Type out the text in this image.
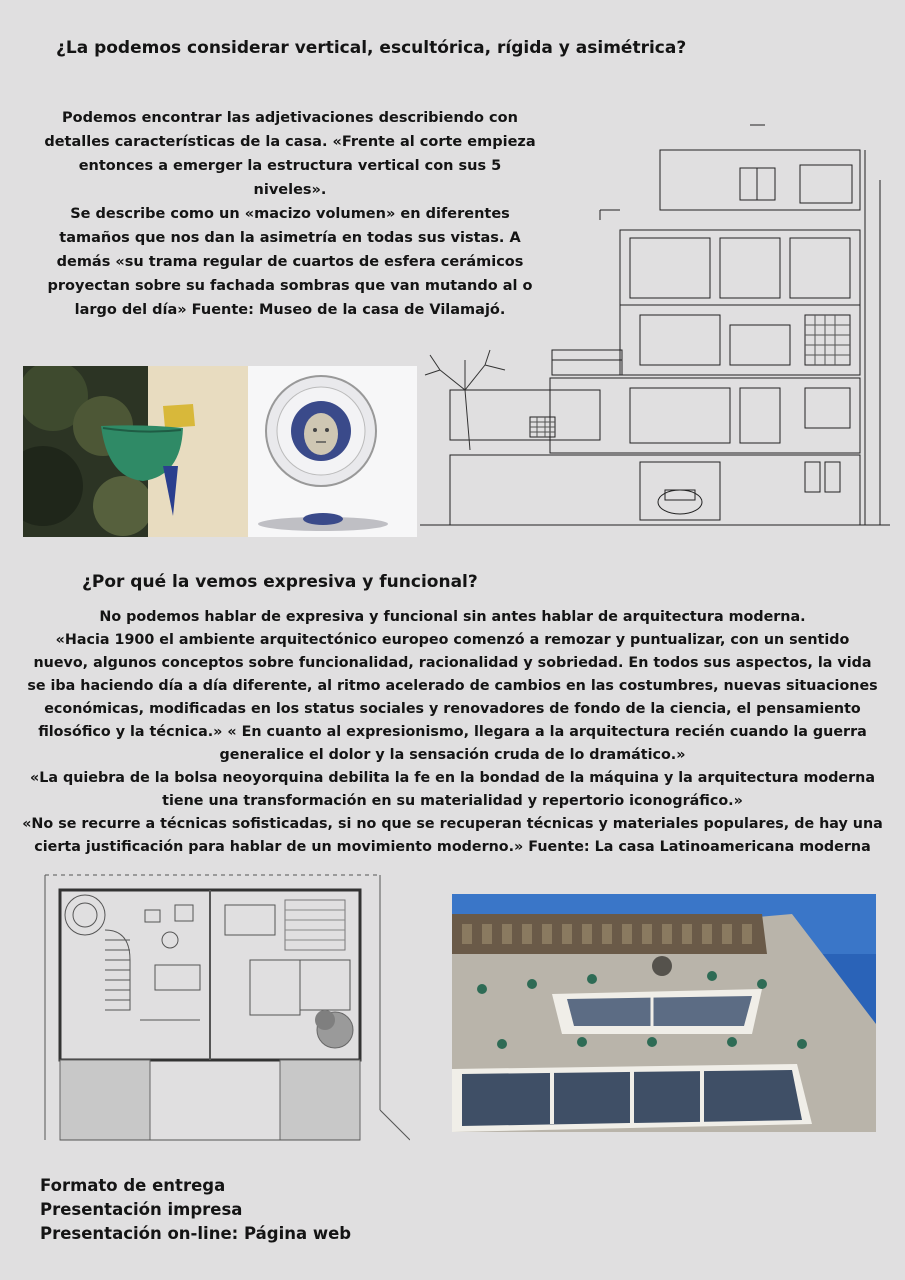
¿La podemos considerar vertical, escultórica, rígida y asimétrica?
Podemos encontrar las adjetivaciones describiendo con
detalles características de la casa. «Frente al corte empieza
entonces a emerger la estructura vertical con sus 5 niveles».
Se describe como un «macizo volumen» en diferentes
tamaños que nos dan la asimetría en todas sus vistas. A
demás «su trama regular de cuartos de esfera cerámicos
proyectan sobre su fachada sombras que van mutando al o
largo del día» Fuente: Museo de la casa de Vilamajó.
¿Por qué la vemos expresiva y funcional?
No podemos hablar de expresiva y funcional sin antes hablar de arquitectura moderna.
«Hacia 1900 el ambiente arquitectónico europeo comenzó a remozar y puntualizar, con un sentido
nuevo, algunos conceptos sobre funcionalidad, racionalidad y sobriedad. En todos sus aspectos, la vida
se iba haciendo día a día diferente, al ritmo acelerado de cambios en las costumbres, nuevas situaciones
económicas, modificadas en los status sociales y renovadores de fondo de la ciencia, el pensamiento
filosófico y la técnica.» « En cuanto al expresionismo, llegara a la arquitectura recién cuando la guerra
generalice el dolor y la sensación cruda de lo dramático.»
«La quiebra de la bolsa neoyorquina debilita la fe en la bondad de la máquina y la arquitectura moderna
tiene una transformación en su materialidad y repertorio iconográfico.»
«No se recurre a técnicas sofisticadas, si no que se recuperan técnicas y materiales populares, de hay una
cierta justificación para hablar de un movimiento moderno.» Fuente: La casa Latinoamericana moderna
Formato de entrega
Presentación impresa
Presentación on-line: Página web
